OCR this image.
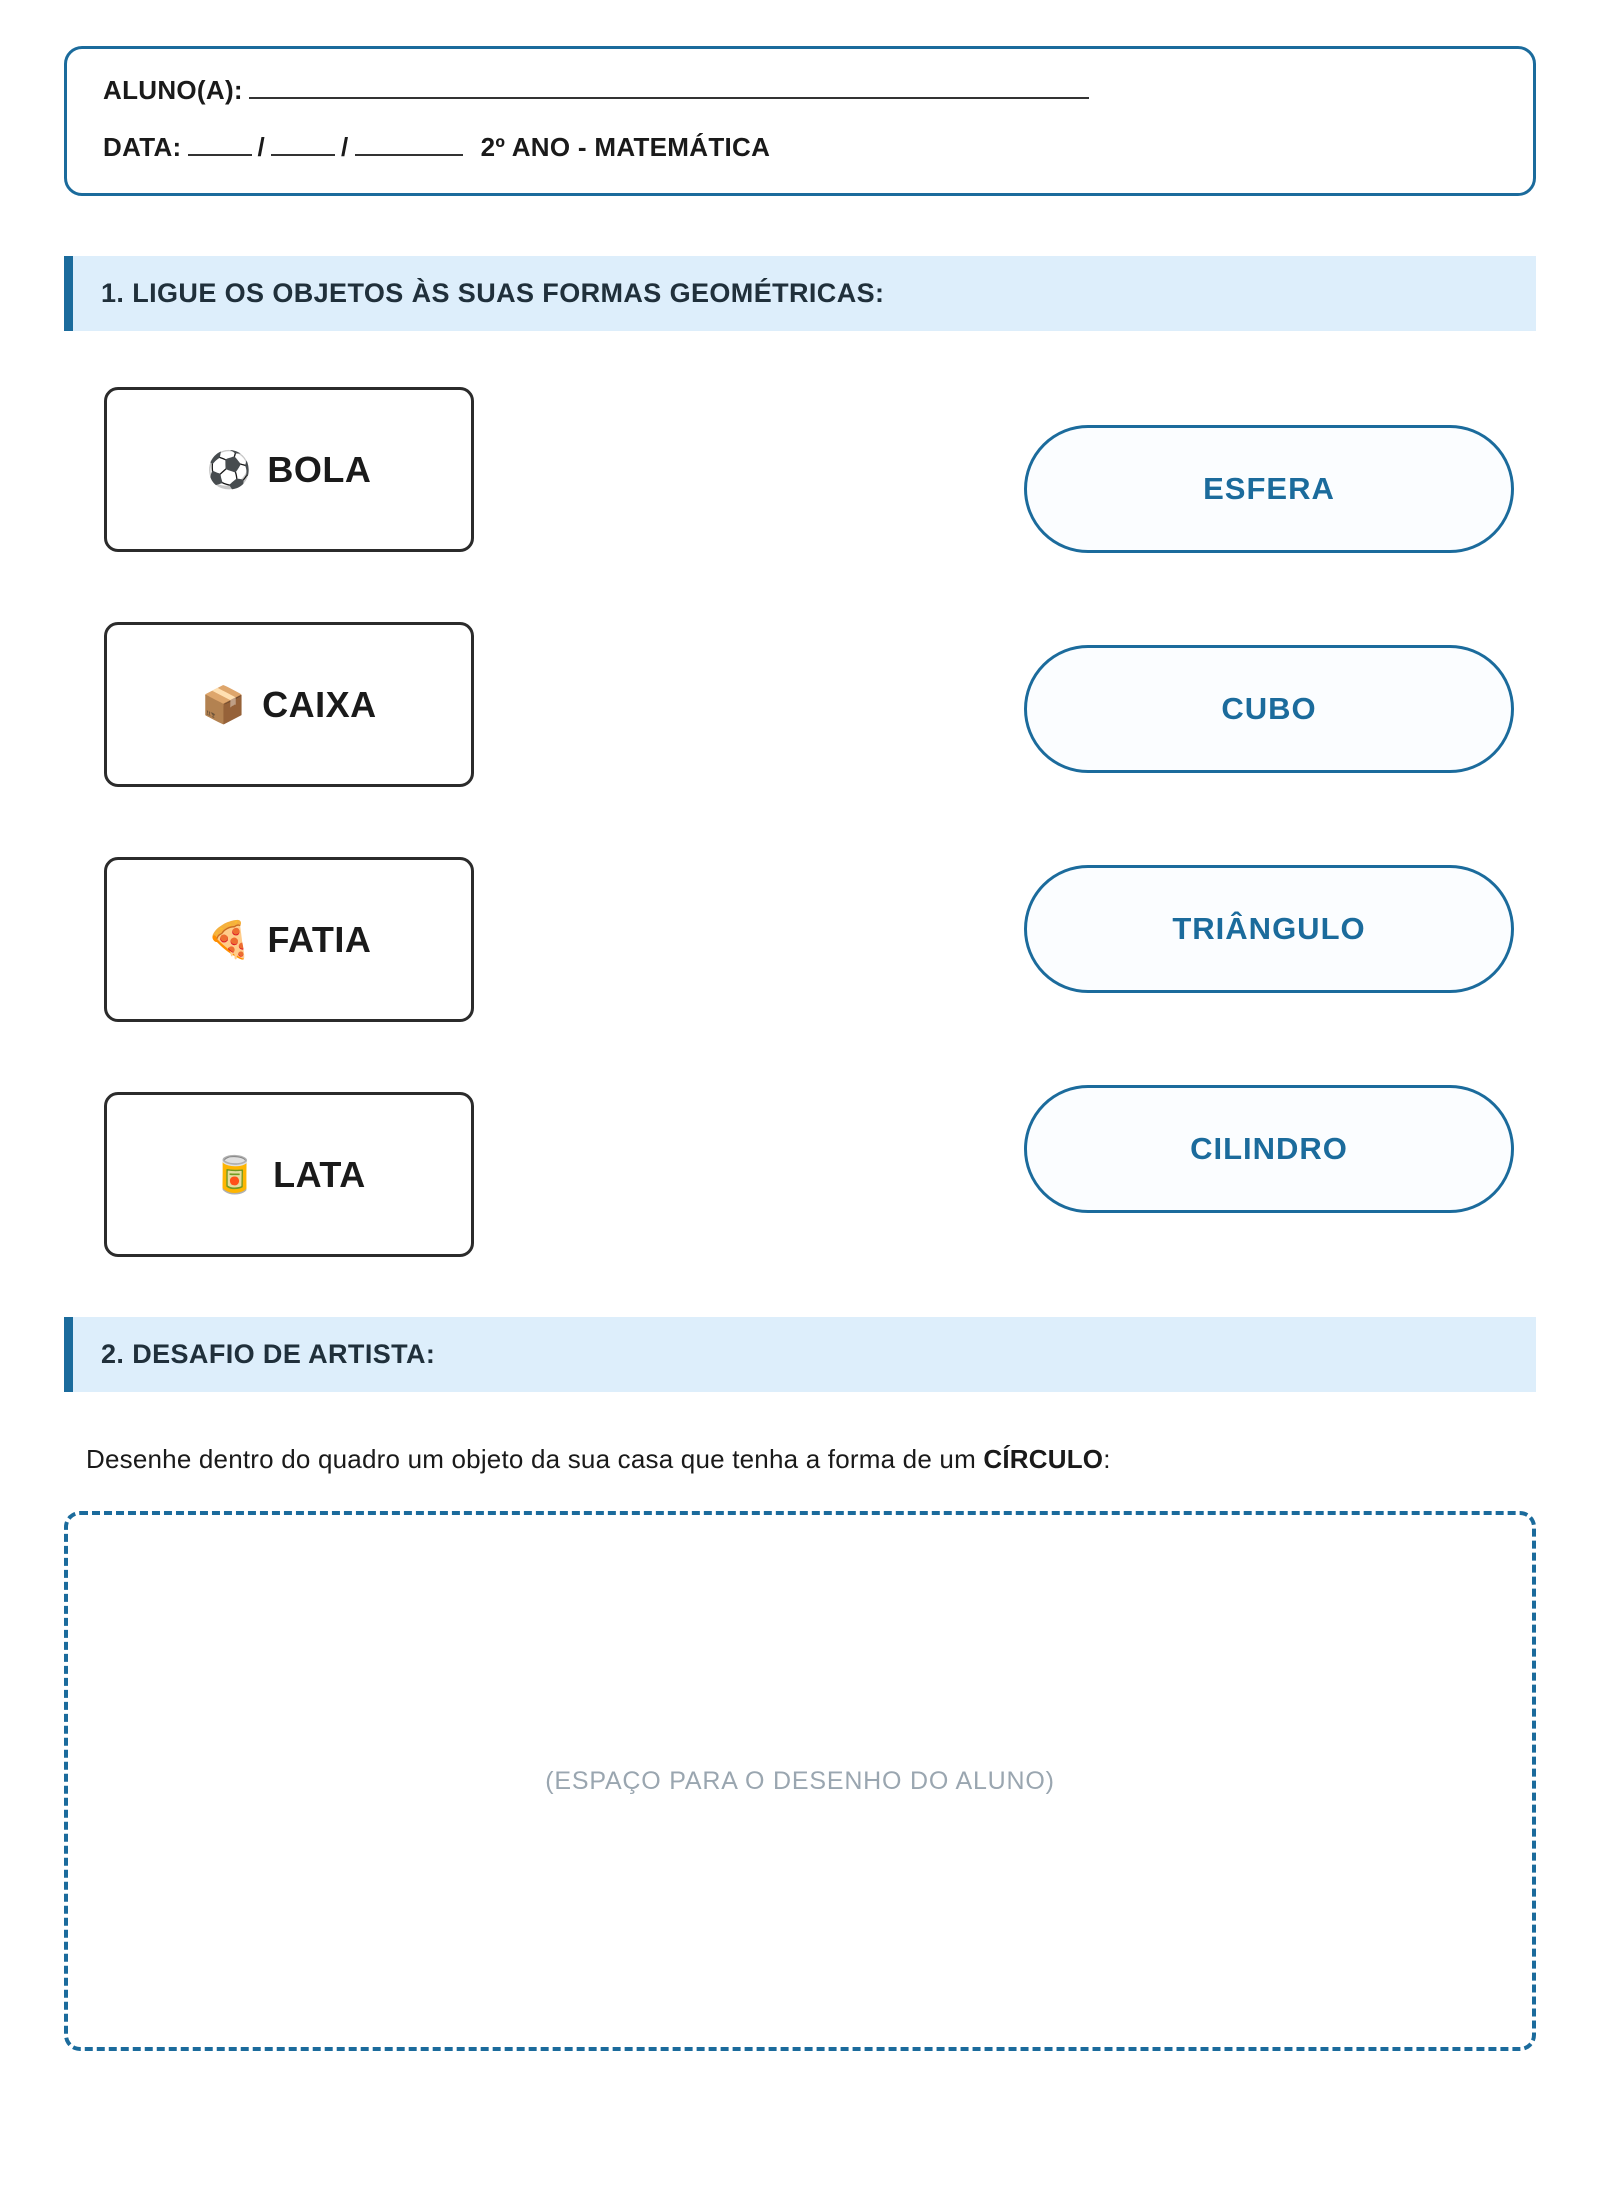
ALUNO(A):
DATA:	/	/	2º ANO - MATEMÁTICA
1. LIGUE OS OBJETOS ÀS SUAS FORMAS GEOMÉTRICAS:
⚽ BOLA
📦 CAIXA
🍕 FATIA
🥫 LATA
ESFERA
CUBO
TRIÂNGULO
CILINDRO
2. DESAFIO DE ARTISTA:
Desenhe dentro do quadro um objeto da sua casa que tenha a forma de um CÍRCULO:
(ESPAÇO PARA O DESENHO DO ALUNO)
